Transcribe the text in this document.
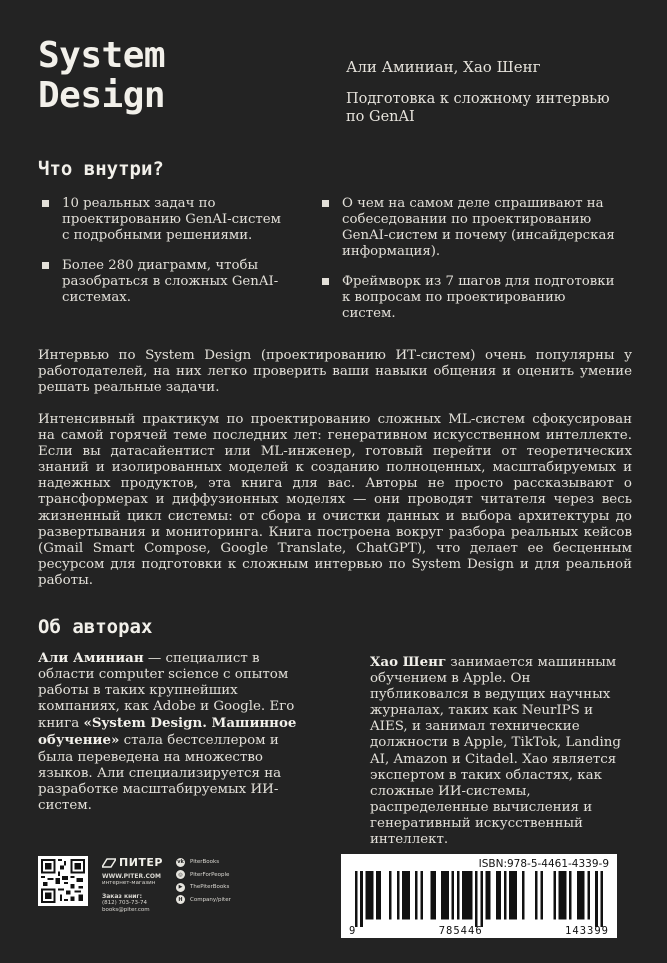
System
Design
Али Аминиан, Хао Шенг
Подготовка к сложному интервью по GenAI
Что внутри?
10 реальных задач по проектированию GenAI-систем с подробными решениями.
Более 280 диаграмм, чтобы разобраться в сложных GenAI-системах.
О чем на самом деле спрашивают на собеседовании по проектированию GenAI-систем и почему (инсайдерская информация).
Фреймворк из 7 шагов для подготовки к вопросам по проектированию систем.

Интервью по System Design (проектированию ИТ-систем) очень популярны у работодателей, на них легко проверить ваши навыки общения и оценить умение решать реальные задачи.

Интенсивный практикум по проектированию сложных ML-систем сфокусирован на самой горячей теме последних лет: генеративном искусственном интеллекте. Если вы датасайентист или ML-инженер, готовый перейти от теоретических знаний и изолированных моделей к созданию полноценных, масштабируемых и надежных продуктов, эта книга для вас. Авторы не просто рассказывают о трансформерах и диффузионных моделях — они проводят читателя через весь жизненный цикл системы: от сбора и очистки данных и выбора архитектуры до развертывания и мониторинга. Книга построена вокруг разбора реальных кейсов (Gmail Smart Compose, Google Translate, ChatGPT), что делает ее бесценным ресурсом для подготовки к сложным интервью по System Design и для реальной работы.

Об авторах

Али Аминиан — специалист в области computer science с опытом работы в таких крупнейших компаниях, как Adobe и Google. Его книга «System Design. Машинное обучение» стала бестселлером и была переведена на множество языков. Али специализируется на разработке масштабируемых ИИ-систем.

Хао Шенг занимается машинным обучением в Apple. Он публиковался в ведущих научных журналах, таких как NeurIPS и AIES, и занимал технические должности в Apple, TikTok, Landing AI, Amazon и Citadel. Хао является экспертом в таких областях, как сложные ИИ-системы, распределенные вычисления и генеративный искусственный интеллект.

ПИТЕР
WWW.PITER.COM
интернет-магазин
Заказ книг:
(812) 703-73-74
books@piter.com
vk PiterBooks
◎	PiterForPeople
▶	ThePiterBooks
H	Company/piter
ISBN:978-5-4461-4339-9
9	785446	143399
